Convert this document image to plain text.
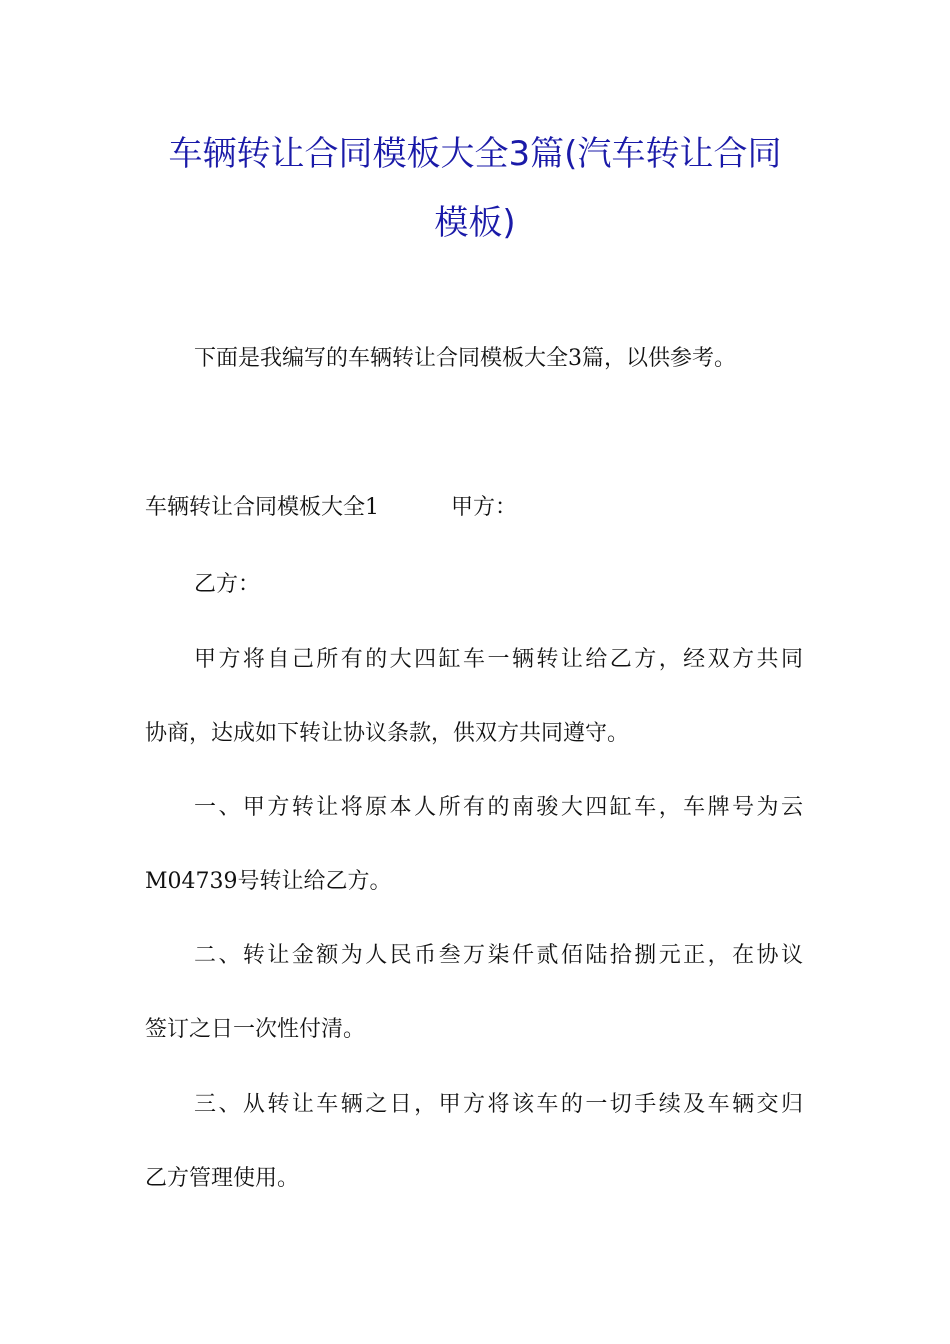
车辆转让合同模板大全3篇(汽车转让合同
模板)
下面是我编写的车辆转让合同模板大全3篇，以供参考。
车辆转让合同模板大全1	甲方：
乙方：
甲方将自己所有的大四缸车一辆转让给乙方，经双方共同
协商，达成如下转让协议条款，供双方共同遵守。
一、甲方转让将原本人所有的南骏大四缸车，车牌号为云
M04739号转让给乙方。
二、转让金额为人民币叁万柒仟贰佰陆拾捌元正，在协议
签订之日一次性付清。
三、从转让车辆之日，甲方将该车的一切手续及车辆交归
乙方管理使用。
